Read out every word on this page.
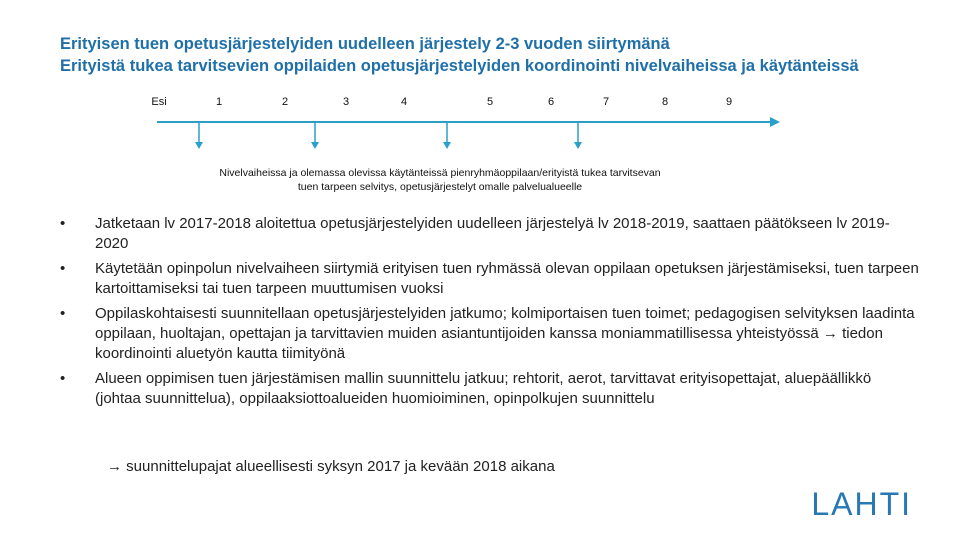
Erityisen tuen opetusjärjestelyiden uudelleen järjestely 2-3 vuoden siirtymänä
Erityistä tukea tarvitsevien oppilaiden opetusjärjestelyiden koordinointi nivelvaiheissa ja käytänteissä
Esi	1	2	3	4	5	6	7	8	9
Nivelvaiheissa ja olemassa olevissa käytänteissä pienryhmäoppilaan/erityistä tukea tarvitsevan
tuen tarpeen selvitys, opetusjärjestelyt omalle palvelualueelle
• Jatketaan lv 2017-2018 aloitettua opetusjärjestelyiden uudelleen järjestelyä lv 2018-2019, saattaen päätökseen lv 2019-2020
• Käytetään opinpolun nivelvaiheen siirtymiä erityisen tuen ryhmässä olevan oppilaan opetuksen järjestämiseksi, tuen tarpeen kartoittamiseksi tai tuen tarpeen muuttumisen vuoksi
• Oppilaskohtaisesti suunnitellaan opetusjärjestelyiden jatkumo; kolmiportaisen tuen toimet; pedagogisen selvityksen laadinta oppilaan, huoltajan, opettajan ja tarvittavien muiden asiantuntijoiden kanssa moniammatillisessa yhteistyössä → tiedon koordinointi aluetyön kautta tiimityönä
• Alueen oppimisen tuen järjestämisen mallin suunnittelu jatkuu; rehtorit, aerot, tarvittavat erityisopettajat, aluepäällikkö (johtaa suunnittelua), oppilaaksiottoalueiden huomioiminen, opinpolkujen suunnittelu
→ suunnittelupajat alueellisesti syksyn 2017 ja kevään 2018 aikana
LAHTI
